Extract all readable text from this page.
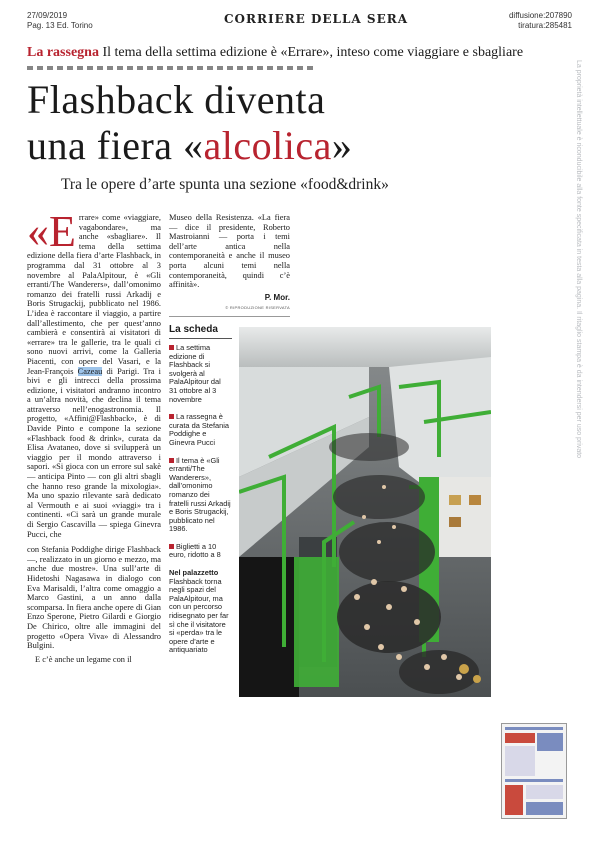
27/09/2019
Pag. 13 Ed. Torino	CORRIERE DELLA SERA	diffusione:207890
tiratura:285481
La rassegna Il tema della settima edizione è «Errare», inteso come viaggiare e sbagliare
Flashback diventa
una fiera «alcolica»
Tra le opere d’arte spunta una sezione «food&drink»

«Errare» come «viaggiare, vagabondare», ma anche «sbagliare». Il tema della settima edizione della fiera d’arte Flashback, in programma dal 31 ottobre al 3 novembre al PalaAlpitour, è «Gli erranti/The Wanderers», dall’omonimo romanzo dei fratelli russi Arkadij e Boris Strugackij, pubblicato nel 1986. L’idea è raccontare il viaggio, a partire dall’allestimento, che per quest’anno cambierà e consentirà ai visitatori di «errare» tra le gallerie, tra le quali ci sono nuovi arrivi, come la Galleria Piacenti, con opere del Vasari, e la Jean-François Cazeau di Parigi. Tra i bivi e gli intrecci della prossima edizione, i visitatori andranno incontro a un’altra novità, che declina il tema attraverso nell’enogastronomia. Il progetto, «Affini@Flashback», è di Davide Pinto e compone la sezione «Flashback food & drink», curata da Elisa Avataneo, dove si svilupperà un viaggio per il mondo attraverso i sapori. «Si gioca con un errore sul sakè — anticipa Pinto — con gli altri sbagli che hanno reso grande la mixologia». Ma uno spazio rilevante sarà dedicato al Vermouth e ai suoi «viaggi» tra i continenti. «Ci sarà un grande murale di Sergio Cascavilla — spiega Ginevra Pucci, che

con Stefania Poddighe dirige Flashback —, realizzato in un giorno e mezzo, ma anche due mostre». Una sull’arte di Hidetoshi Nagasawa in dialogo con Eva Marisaldi, l’altra come omaggio a Marco Gastini, a un anno dalla scomparsa. In fiera anche opere di Gian Enzo Sperone, Pietro Gilardi e Giorgio De Chirico, oltre alle immagini del progetto «Opera Viva» di Alessandro Bulgini.

E c’è anche un legame con il

Museo della Resistenza. «La fiera — dice il presidente, Roberto Mastroianni — porta i temi dell’arte antica nella contemporaneità e anche il museo porta alcuni temi nella contemporaneità, quindi c’è affinità».

P. Mor.
© RIPRODUZIONE RISERVATA
La scheda
La settima edizione di Flashback si svolgerà al PalaAlpitour dal 31 ottobre al 3 novembre
La rassegna è curata da Stefania Poddighe e Ginevra Pucci
Il tema è «Gli erranti/The Wanderers», dall’omonimo romanzo dei fratelli russi Arkadij e Boris Strugackij, pubblicato nel 1986.
Biglietti a 10 euro, ridotto a 8
Nel palazzetto
Flashback torna negli spazi del PalaAlpitour, ma con un percorso ridisegnato per far sì che il visitatore si «perda» tra le opere d’arte e antiquariato
La proprietà intellettuale è riconducibile alla fonte specificata in testa alla pagina. Il ritaglio stampa è da intendersi per uso privato
